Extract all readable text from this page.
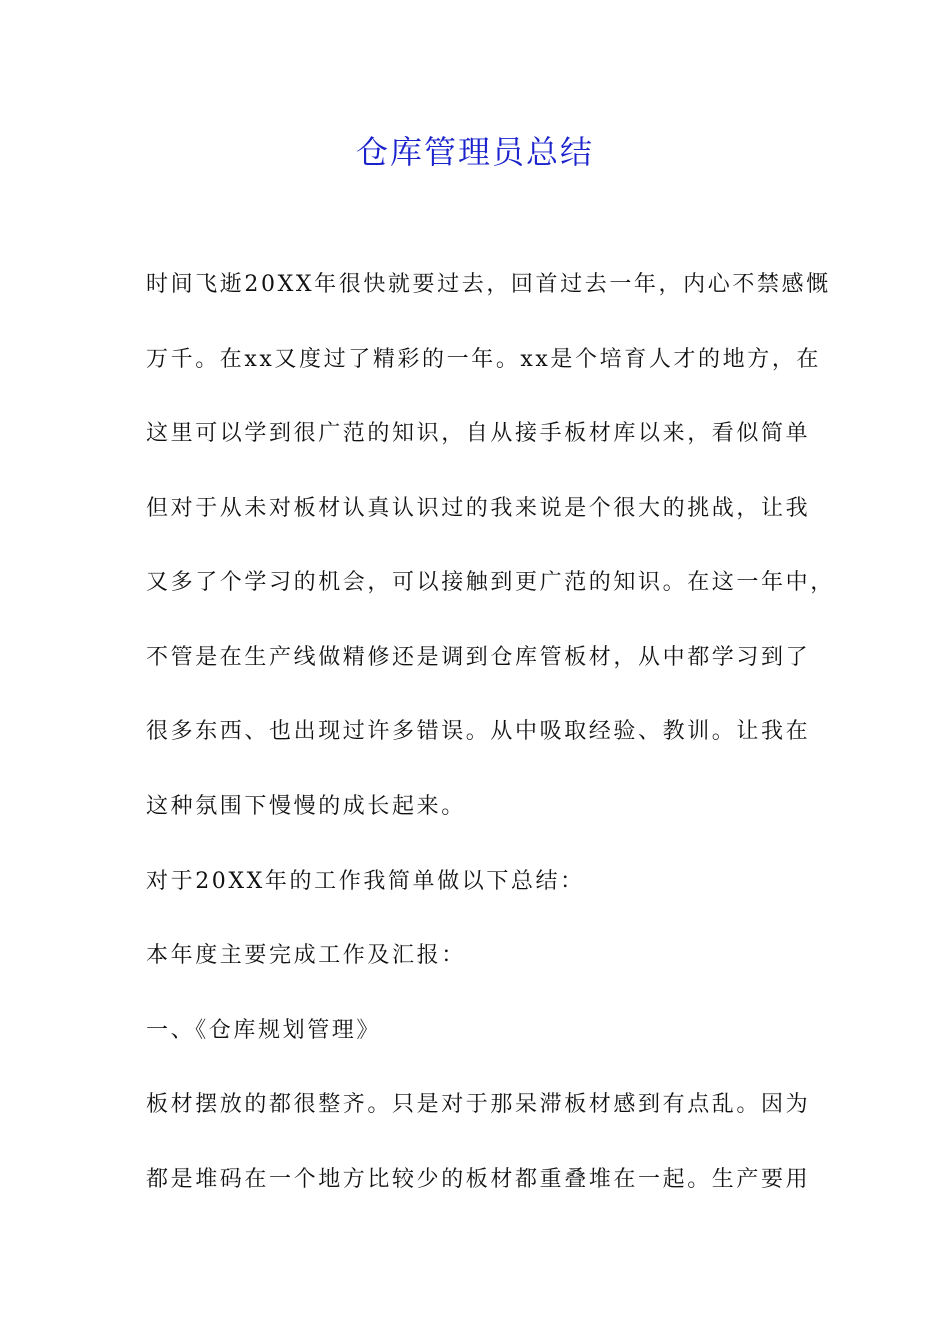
仓库管理员总结

时间飞逝20XX年很快就要过去，回首过去一年，内心不禁感慨

万千。在xx又度过了精彩的一年。xx是个培育人才的地方，在

这里可以学到很广范的知识，自从接手板材库以来，看似简单

但对于从未对板材认真认识过的我来说是个很大的挑战，让我

又多了个学习的机会，可以接触到更广范的知识。在这一年中，

不管是在生产线做精修还是调到仓库管板材，从中都学习到了

很多东西、也出现过许多错误。从中吸取经验、教训。让我在

这种氛围下慢慢的成长起来。

对于20XX年的工作我简单做以下总结：

本年度主要完成工作及汇报：

一、《仓库规划管理》

板材摆放的都很整齐。只是对于那呆滞板材感到有点乱。因为

都是堆码在一个地方比较少的板材都重叠堆在一起。生产要用
